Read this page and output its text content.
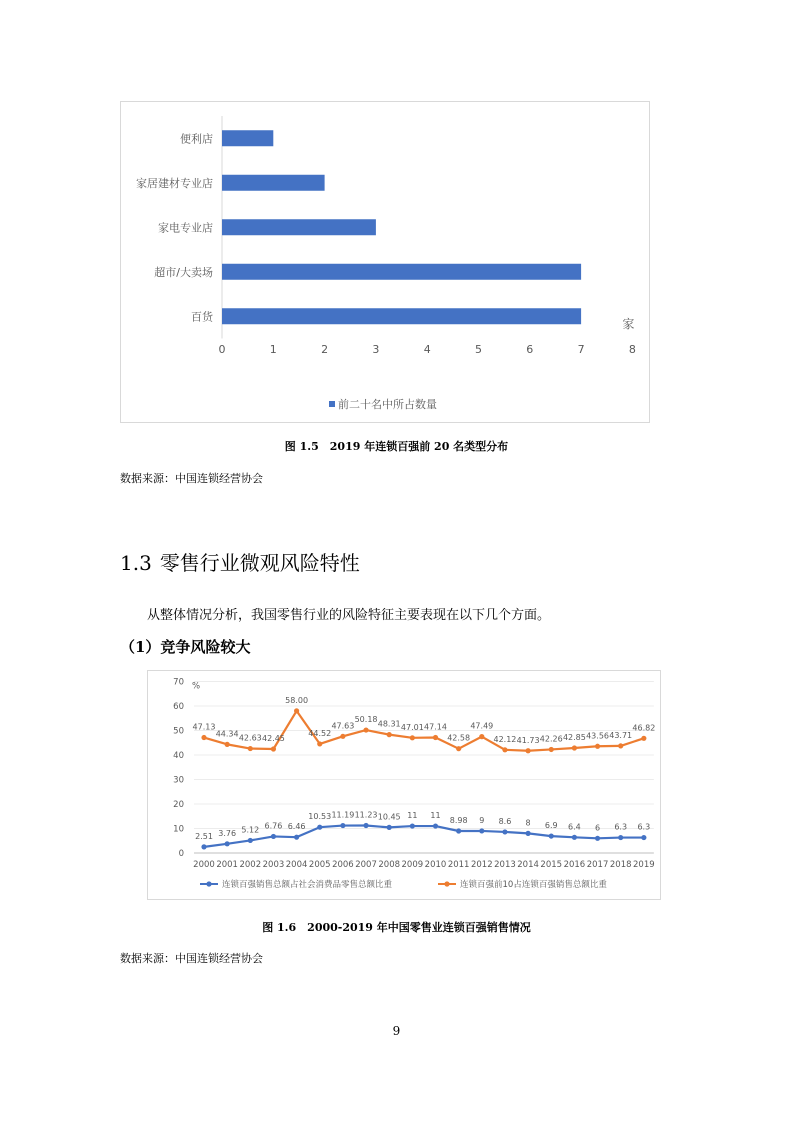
便利店
家居建材专业店
家电专业店
超市/大卖场
百货
0	1	2	3	4	5	6	7	8
家
前二十名中所占数量
图 1.5　2019 年连锁百强前 20 名类型分布
数据来源：中国连锁经营协会
1.3 零售行业微观风险特性
从整体情况分析，我国零售行业的风险特征主要表现在以下几个方面。
（1）竞争风险较大
0
10
20
30
40
50
60
70 %
2000 2001 2002 2003 2004 2005 2006 2007 2008 2009 2010 2011 2012 2013 2014 2015 2016 2017 2018 2019
2.51 3.76 5.12 6.76 6.46
10.53 11.19 11.23 10.45 11 11
8.98 9 8.6 8 6.9 6.4 6 6.3 6.3
47.13
44.34 42.63 42.45
58.00
44.52
47.63
50.18
48.31 47.01 47.14
42.58
47.49
42.12 41.73 42.26 42.85 43.56 43.71
46.82
连锁百强销售总额占社会消费品零售总额比重	连锁百强前10占连锁百强销售总额比重
图 1.6　2000-2019 年中国零售业连锁百强销售情况
数据来源：中国连锁经营协会
9
